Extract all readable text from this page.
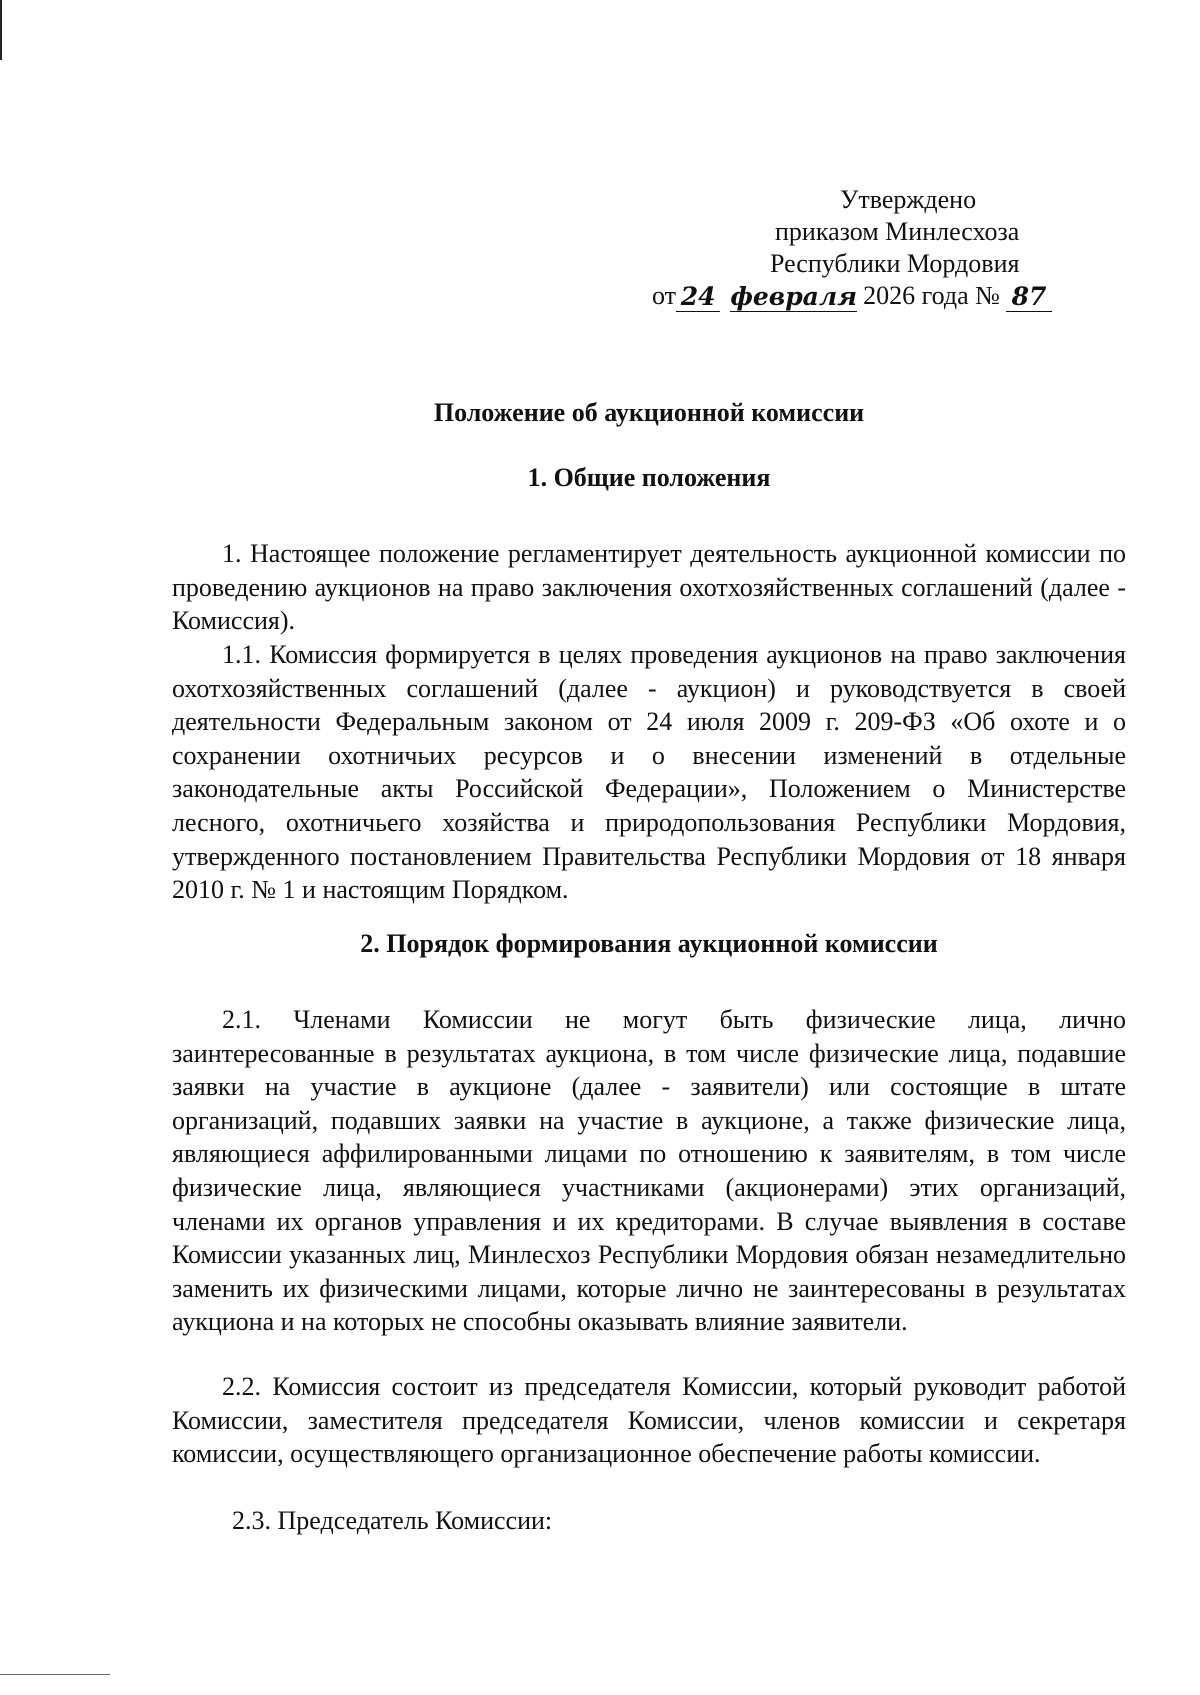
Утверждено
приказом Минлесхоза
Республики Мордовия
от 24 февраля 2026 года № 87
Положение об аукционной комиссии
1. Общие положения
1. Настоящее положение регламентирует деятельность аукционной комиссии по проведению аукционов на право заключения охотхозяйственных соглашений (далее - Комиссия).
1.1. Комиссия формируется в целях проведения аукционов на право заключения охотхозяйственных соглашений (далее - аукцион) и руководствуется в своей деятельности Федеральным законом от 24 июля 2009 г. 209-ФЗ «Об охоте и о сохранении охотничьих ресурсов и о внесении изменений в отдельные законодательные акты Российской Федерации», Положением о Министерстве лесного, охотничьего хозяйства и природопользования Республики Мордовия, утвержденного постановлением Правительства Республики Мордовия от 18 января 2010 г. № 1 и настоящим Порядком.
2. Порядок формирования аукционной комиссии
2.1. Членами Комиссии не могут быть физические лица, лично заинтересованные в результатах аукциона, в том числе физические лица, подавшие заявки на участие в аукционе (далее - заявители) или состоящие в штате организаций, подавших заявки на участие в аукционе, а также физические лица, являющиеся аффилированными лицами по отношению к заявителям, в том числе физические лица, являющиеся участниками (акционерами) этих организаций, членами их органов управления и их кредиторами. В случае выявления в составе Комиссии указанных лиц, Минлесхоз Республики Мордовия обязан незамедлительно заменить их физическими лицами, которые лично не заинтересованы в результатах аукциона и на которых не способны оказывать влияние заявители.
2.2. Комиссия состоит из председателя Комиссии, который руководит работой Комиссии, заместителя председателя Комиссии, членов комиссии и секретаря комиссии, осуществляющего организационное обеспечение работы комиссии.
2.3. Председатель Комиссии:
